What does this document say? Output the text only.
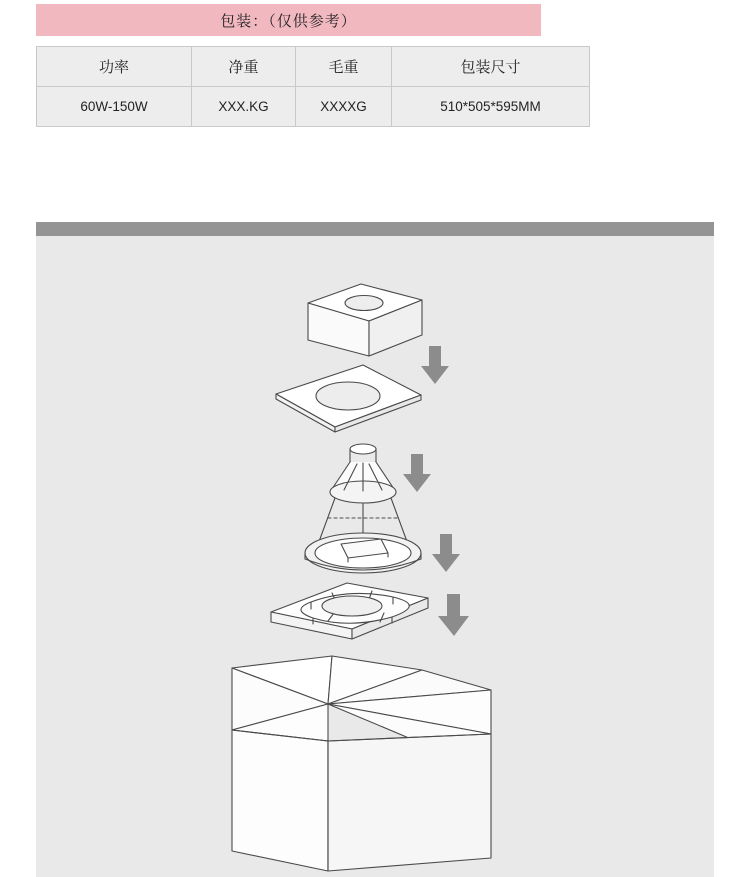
包装：（仅供参考）
功率	净重	毛重	包装尺寸
60W-150W	XXX.KG	XXXXG	510*505*595MM
